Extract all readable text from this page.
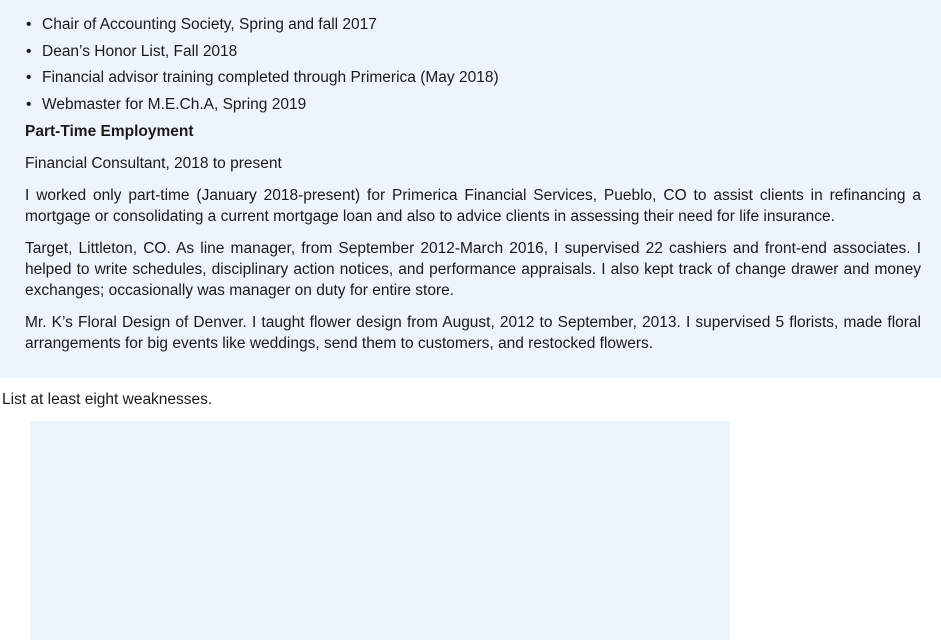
• Chair of Accounting Society, Spring and fall 2017
• Dean’s Honor List, Fall 2018
• Financial advisor training completed through Primerica (May 2018)
• Webmaster for M.E.Ch.A, Spring 2019
Part-Time Employment
Financial Consultant, 2018 to present
I worked only part-time (January 2018-present) for Primerica Financial Services, Pueblo, CO to assist clients in refinancing a mortgage or consolidating a current mortgage loan and also to advice clients in assessing their need for life insurance.
Target, Littleton, CO. As line manager, from September 2012-March 2016, I supervised 22 cashiers and front-end associates. I helped to write schedules, disciplinary action notices, and performance appraisals. I also kept track of change drawer and money exchanges; occasionally was manager on duty for entire store.
Mr. K’s Floral Design of Denver. I taught flower design from August, 2012 to September, 2013. I supervised 5 florists, made floral arrangements for big events like weddings, send them to customers, and restocked flowers.
List at least eight weaknesses.
